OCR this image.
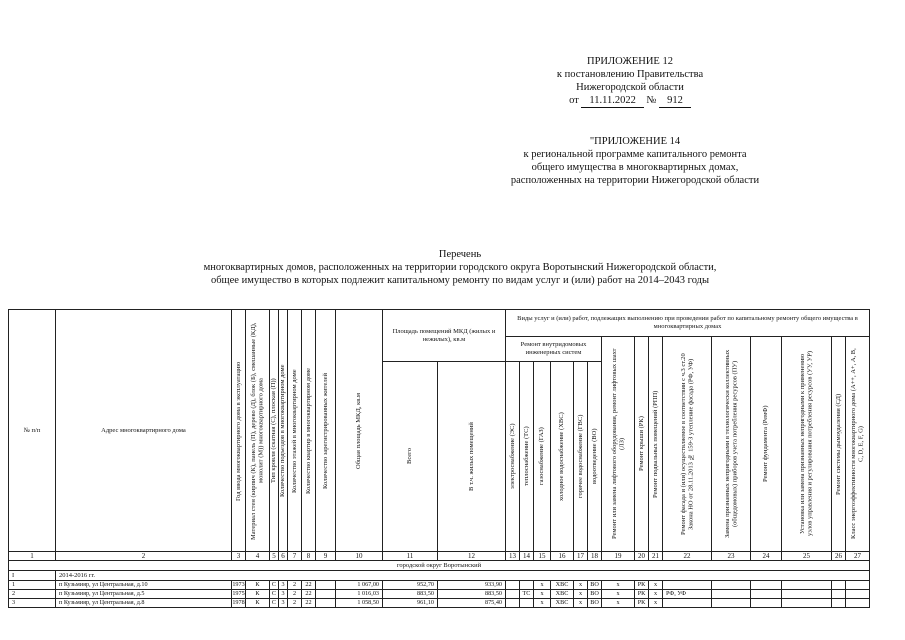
ПРИЛОЖЕНИЕ 12
к постановлению Правительства
Нижегородской области
от 11.11.2022 № 912
"ПРИЛОЖЕНИЕ 14
к региональной программе капитального ремонта
общего имущества в многоквартирных домах,
расположенных на территории Нижегородской области
Перечень
многоквартирных домов, расположенных на территории городского округа Воротынский Нижегородской области,
общее имущество в которых подлежит капитальному ремонту по видам услуг и (или) работ на 2014–2043 годы
№ п/п	Адрес многоквартирного дома	Год ввода многоквартирного дома в эксплуатацию	Материал стен (кирпич (К), панель (П), дерево (Д), блок (Б), смешанные (КД), монолит (М)) многоквартирного дома	Тип кровли (скатная (С), плоская (П))	Количество подъездов в многоквартирном доме	Количество этажей в многоквартирном доме	Количество квартир в многоквартирном доме	Количество зарегистрированных жителей	Общая площадь МКД, кв.м	Площадь помещений МКД (жилых и нежилых), кв.м		Виды услуг и (или) работ, подлежащих выполнению при проведении работ по капитальному ремонту общего имущества в многоквартирных домах														
												Ремонт внутридомовых инженерных систем						Ремонт или замена лифтового оборудования, ремонт лифтовых шахт (ЛЗ)	Ремонт крыши (РК)	Ремонт подвальных помещений (РПП)	Ремонт фасада и (или) осуществляемое в соответствии с ч.3 ст.20 Закона НО от 28.11.2013 № 159-З утепление фасада (РФ, УФ)	Замена признанных непригодными в технологически коллективных (общедомовых) приборов учета потребления ресурсов (ПУ)	Ремонт фундамента (РемФ)	Установка или замена признанных непригодными к применению узлов управления и регулирования потребления ресурсов (УУ, УР)	Ремонт системы дымоудаления (СД)	Класс энергоэффективности многоквартирного дома (А++, А+, А, В, С, D, E, F, G)

										Всего	В т.ч. жилых помещений	электроснабжение (ЭС)	теплоснабжение (ТС)	газоснабжение (ГАЗ)	холодное водоснабжение (ХВС)	горячее водоснабжение (ГВС)	водоотведение (ВО)									

1	2	3	4	5	6	7	8	9	10	11	12	13	14	15	16	17	18	19	20	21	22	23	24	25	26	27
городской округ Воротынский																										
I	2014-2016 гг.																									
1	п Кузьмияр, ул Центральная, д.10	1973	К	С	3	2	22		1 067,00	952,70	933,90			х	ХВС	х	ВО	х	РК	х						
2	п Кузьмияр, ул Центральная, д.5	1975	К	С	3	2	22		1 016,03	883,50	883,50		ТС	х	ХВС	х	ВО	х	РК	х	РФ, УФ					
3	п Кузьмияр, ул Центральная, д.8	1978	К	С	3	2	22		1 058,50	961,10	875,40			х	ХВС	х	ВО	х	РК	х						
